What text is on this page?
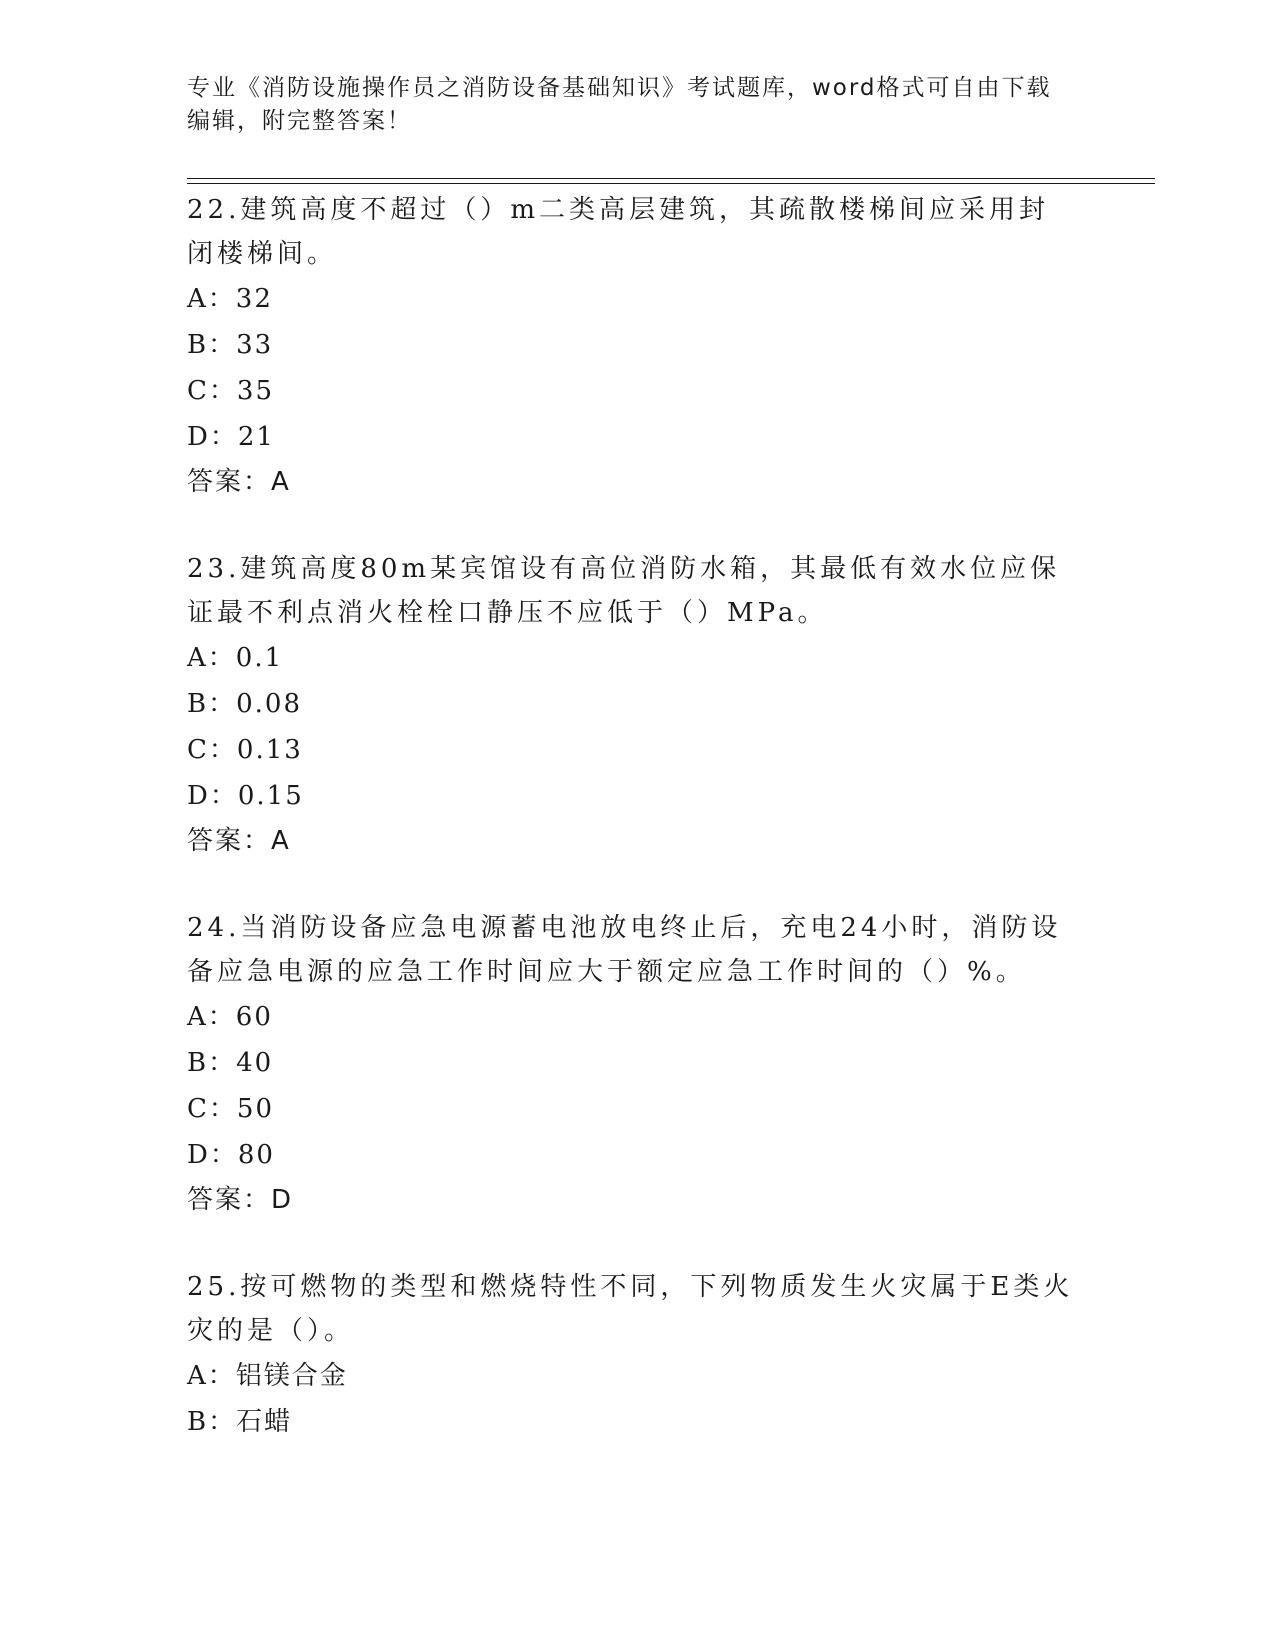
专业《消防设施操作员之消防设备基础知识》考试题库，word格式可自由下载编辑，附完整答案！

22.建筑高度不超过（）m二类高层建筑，其疏散楼梯间应采用封闭楼梯间。

A：32

B：33

C：35

D：21

答案：A

23.建筑高度80m某宾馆设有高位消防水箱，其最低有效水位应保证最不利点消火栓栓口静压不应低于（）MPa。

A：0.1

B：0.08

C：0.13

D：0.15

答案：A

24.当消防设备应急电源蓄电池放电终止后，充电24小时，消防设备应急电源的应急工作时间应大于额定应急工作时间的（）%。

A：60

B：40

C：50

D：80

答案：D

25.按可燃物的类型和燃烧特性不同，下列物质发生火灾属于E类火灾的是（）。

A：铝镁合金

B：石蜡
